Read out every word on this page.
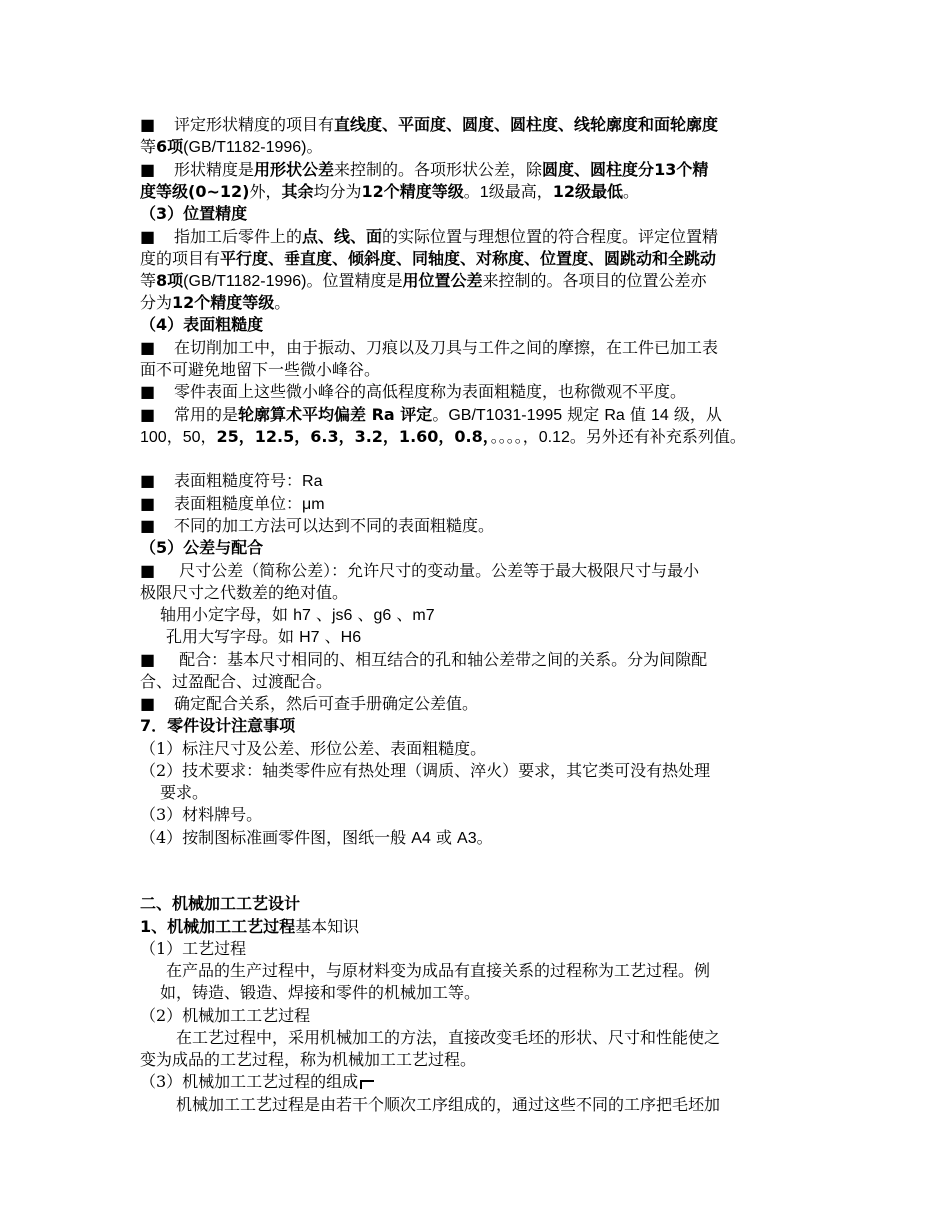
■ 评定形状精度的项目有直线度、平面度、圆度、圆柱度、线轮廓度和面轮廓度
等6项(GB/T1182-1996)。
■ 形状精度是用形状公差来控制的。各项形状公差，除圆度、圆柱度分13个精
度等级(0~12)外，其余均分为12个精度等级。1级最高，12级最低。
（3）位置精度
■ 指加工后零件上的点、线、面的实际位置与理想位置的符合程度。评定位置精
度的项目有平行度、垂直度、倾斜度、同轴度、对称度、位置度、圆跳动和全跳动
等8项(GB/T1182-1996)。位置精度是用位置公差来控制的。各项目的位置公差亦
分为12个精度等级。
（4）表面粗糙度
■ 在切削加工中，由于振动、刀痕以及刀具与工件之间的摩擦，在工件已加工表
面不可避免地留下一些微小峰谷。
■ 零件表面上这些微小峰谷的高低程度称为表面粗糙度，也称微观不平度。
■ 常用的是轮廓算术平均偏差 Ra 评定。GB/T1031-1995 规定 Ra 值 14 级，从
100，50，25，12.5，6.3，3.2，1.60，0.8，。。。。，0.12。另外还有补充系列值。
■ 表面粗糙度符号：Ra
■ 表面粗糙度单位：μm
■ 不同的加工方法可以达到不同的表面粗糙度。
（5）公差与配合
■ 尺寸公差（简称公差）：允许尺寸的变动量。公差等于最大极限尺寸与最小
极限尺寸之代数差的绝对值。
轴用小定字母，如 h7 、js6 、g6 、m7
孔用大写字母。如 H7 、H6
■ 配合：基本尺寸相同的、相互结合的孔和轴公差带之间的关系。分为间隙配
合、过盈配合、过渡配合。
■ 确定配合关系，然后可查手册确定公差值。
7．零件设计注意事项
（1）标注尺寸及公差、形位公差、表面粗糙度。
（2）技术要求：轴类零件应有热处理（调质、淬火）要求，其它类可没有热处理
要求。
（3）材料牌号。
（4）按制图标准画零件图，图纸一般 A4 或 A3。
二、机械加工工艺设计
1、机械加工工艺过程基本知识
（1）工艺过程
在产品的生产过程中，与原材料变为成品有直接关系的过程称为工艺过程。例
如，铸造、锻造、焊接和零件的机械加工等。
（2）机械加工工艺过程
在工艺过程中，采用机械加工的方法，直接改变毛坯的形状、尺寸和性能使之
变为成品的工艺过程，称为机械加工工艺过程。
（3）机械加工工艺过程的组成
机械加工工艺过程是由若干个顺次工序组成的，通过这些不同的工序把毛坯加
